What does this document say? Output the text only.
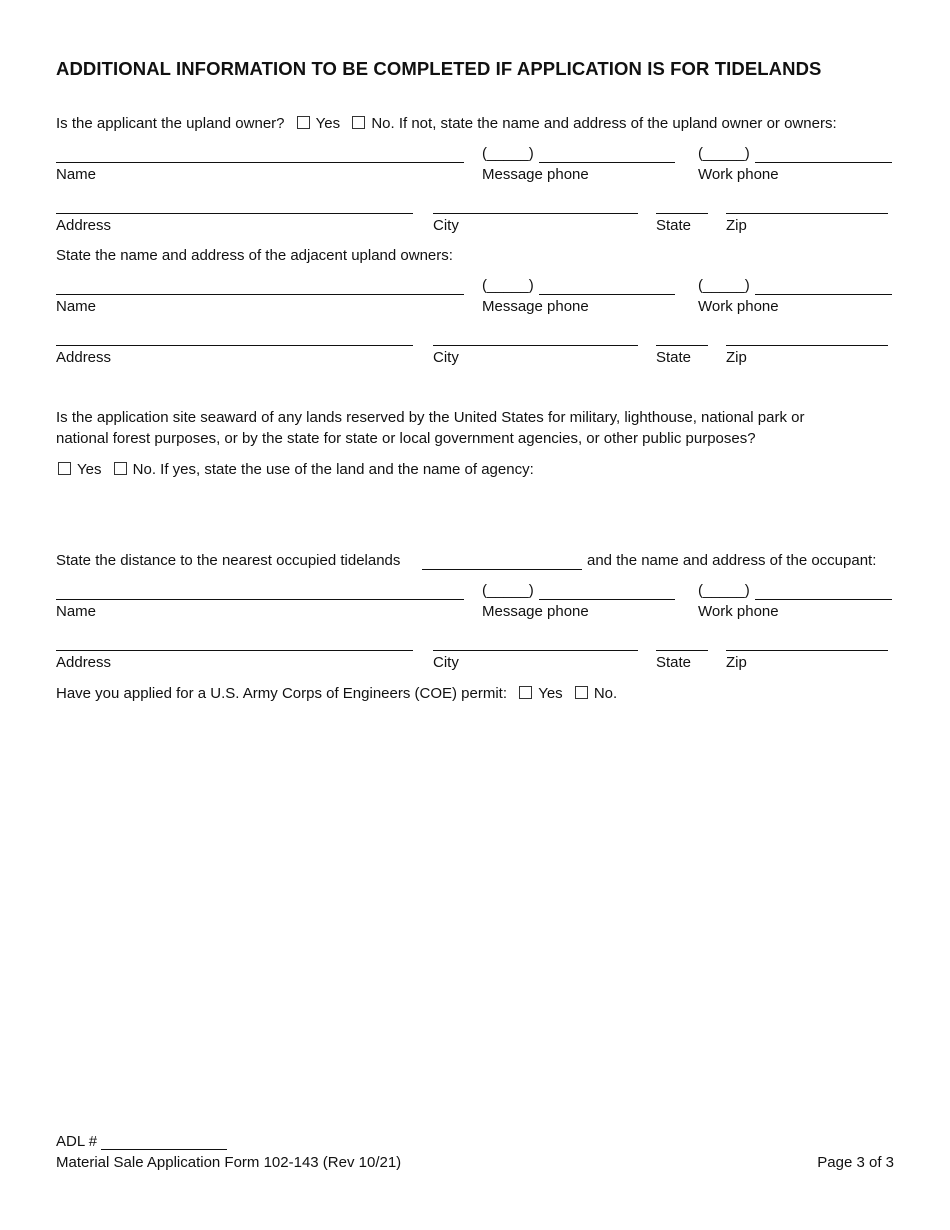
ADDITIONAL INFORMATION TO BE COMPLETED IF APPLICATION IS FOR TIDELANDS
Is the applicant the upland owner? Yes No. If not, state the name and address of the upland owner or owners:
(_____)	(_____)
Name	Message phone	Work phone
Address	City	State Zip
State the name and address of the adjacent upland owners:
(_____)	(_____)
Name	Message phone	Work phone
Address	City	State Zip
Is the application site seaward of any lands reserved by the United States for military, lighthouse, national park or
national forest purposes, or by the state for state or local government agencies, or other public purposes?
Yes No. If yes, state the use of the land and the name of agency:
State the distance to the nearest occupied tidelands	and the name and address of the occupant:
(_____)	(_____)
Name	Message phone	Work phone
Address	City	State Zip
Have you applied for a U.S. Army Corps of Engineers (COE) permit: Yes No.
ADL #
Material Sale Application Form 102-143 (Rev 10/21)	Page 3 of 3
